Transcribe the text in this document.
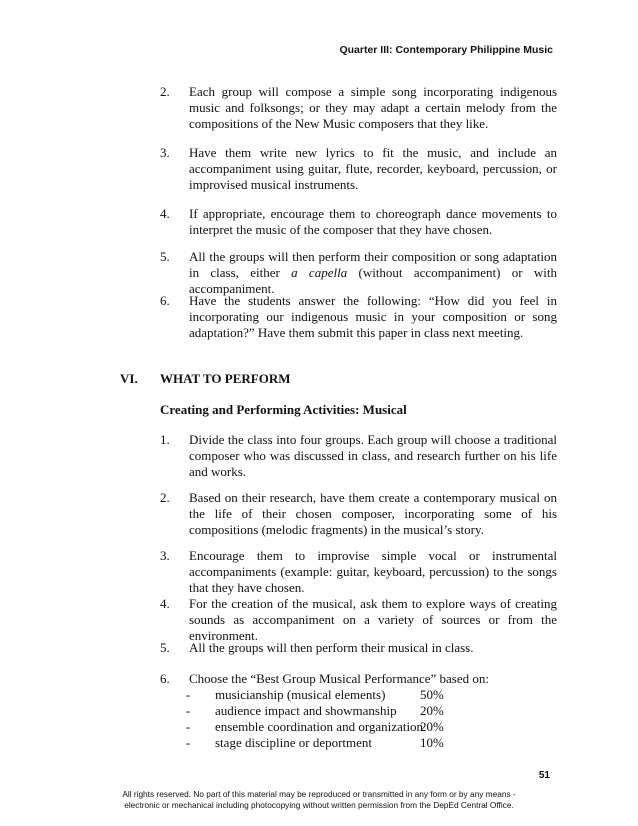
Quarter III: Contemporary Philippine Music
2. Each group will compose a simple song incorporating indigenous music and folksongs; or they may adapt a certain melody from the compositions of the New Music composers that they like.
3. Have them write new lyrics to fit the music, and include an accompaniment using guitar, flute, recorder, keyboard, percussion, or improvised musical instruments.
4. If appropriate, encourage them to choreograph dance movements to interpret the music of the composer that they have chosen.
5. All the groups will then perform their composition or song adaptation in class, either a capella (without accompaniment) or with accompaniment.
6. Have the students answer the following: “How did you feel in incorporating our indigenous music in your composition or song adaptation?” Have them submit this paper in class next meeting.
VI. WHAT TO PERFORM
Creating and Performing Activities: Musical
1. Divide the class into four groups. Each group will choose a traditional composer who was discussed in class, and research further on his life and works.
2. Based on their research, have them create a contemporary musical on the life of their chosen composer, incorporating some of his compositions (melodic fragments) in the musical’s story.
3. Encourage them to improvise simple vocal or instrumental accompaniments (example: guitar, keyboard, percussion) to the songs that they have chosen.
4. For the creation of the musical, ask them to explore ways of creating sounds as accompaniment on a variety of sources or from the environment.
5. All the groups will then perform their musical in class.
6. Choose the “Best Group Musical Performance” based on:
- musicianship (musical elements)	50%
- audience impact and showmanship 20%
- ensemble coordination and organization
20%
- stage discipline or deportment	10%
51
All rights reserved. No part of this material may be reproduced or transmitted in any form or by any means -
electronic or mechanical including photocopying without written permission from the DepEd Central Office.
